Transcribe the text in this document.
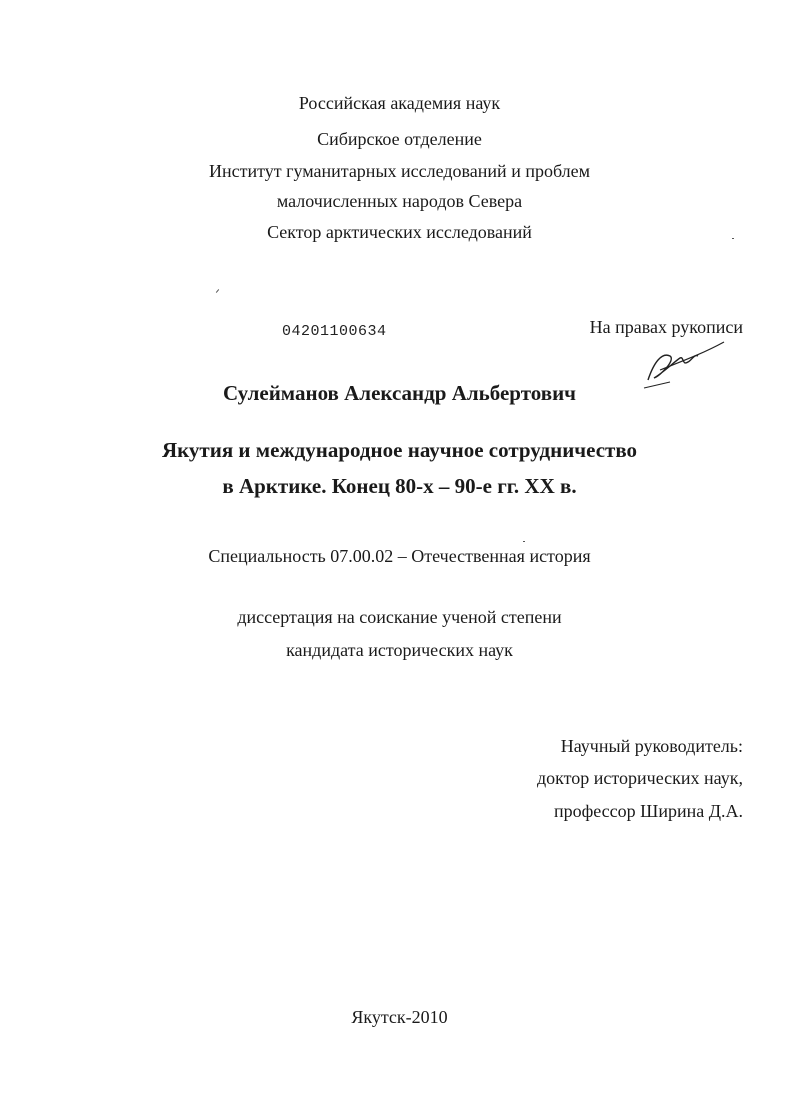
Российская академия наук
Сибирское отделение
Институт гуманитарных исследований и проблем
малочисленных народов Севера
Сектор арктических исследований
04201100634	На правах рукописи
Сулейманов Александр Альбертович
Якутия и международное научное сотрудничество
в Арктике. Конец 80-х – 90-е гг. ХХ в.
Специальность 07.00.02 – Отечественная история
диссертация на соискание ученой степени
кандидата исторических наук
Научный руководитель:
доктор исторических наук,
профессор Ширина Д.А.
Якутск-2010
